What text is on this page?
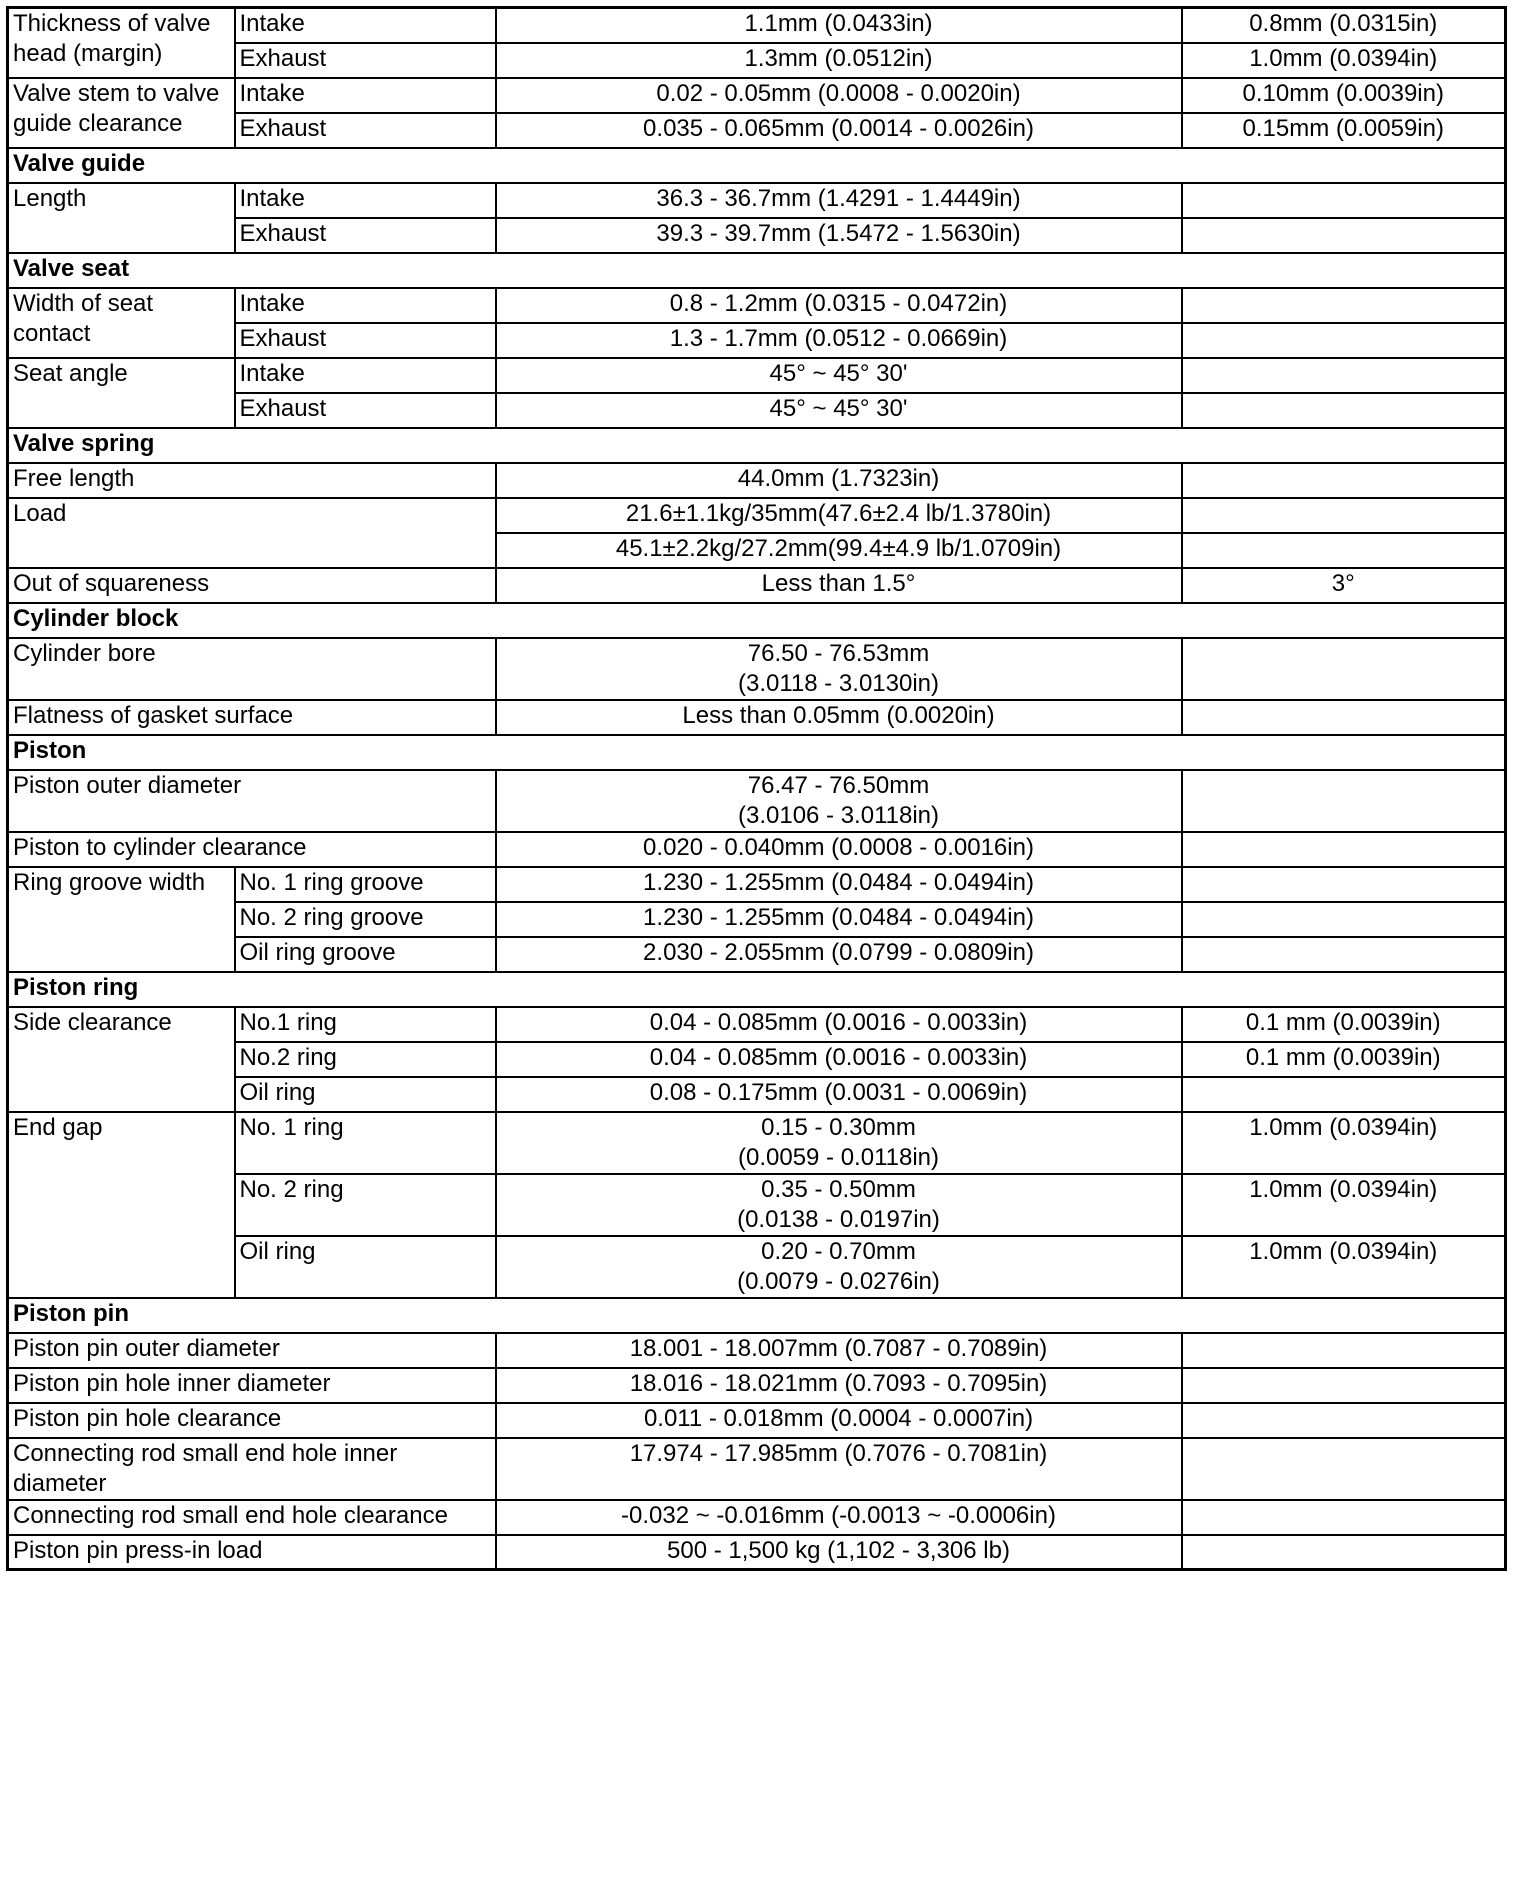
Thickness of valve head (margin)	Intake	1.1mm (0.0433in)	0.8mm (0.0315in)

	Exhaust	1.3mm (0.0512in)	1.0mm (0.0394in)

Valve stem to valve guide clearance	Intake	0.02 - 0.05mm (0.0008 - 0.0020in)	0.10mm (0.0039in)

	Exhaust	0.035 - 0.065mm (0.0014 - 0.0026in)	0.15mm (0.0059in)

Valve guide			

Length	Intake	36.3 - 36.7mm (1.4291 - 1.4449in)	

	Exhaust	39.3 - 39.7mm (1.5472 - 1.5630in)	

Valve seat			

Width of seat contact	Intake	0.8 - 1.2mm (0.0315 - 0.0472in)	

	Exhaust	1.3 - 1.7mm (0.0512 - 0.0669in)	

Seat angle	Intake	45° ~ 45° 30'	

	Exhaust	45° ~ 45° 30'	

Valve spring			

Free length		44.0mm (1.7323in)	

Load		21.6±1.1kg/35mm(47.6±2.4 lb/1.3780in)	

		45.1±2.2kg/27.2mm(99.4±4.9 lb/1.0709in)	

Out of squareness		Less than 1.5°	3°

Cylinder block			

Cylinder bore		76.50 - 76.53mm
(3.0118 - 3.0130in)	

Flatness of gasket surface		Less than 0.05mm (0.0020in)	

Piston			

Piston outer diameter		76.47 - 76.50mm
(3.0106 - 3.0118in)	

Piston to cylinder clearance		0.020 - 0.040mm (0.0008 - 0.0016in)	

Ring groove width	No. 1 ring groove	1.230 - 1.255mm (0.0484 - 0.0494in)	

	No. 2 ring groove	1.230 - 1.255mm (0.0484 - 0.0494in)	

	Oil ring groove	2.030 - 2.055mm (0.0799 - 0.0809in)	

Piston ring			

Side clearance	No.1 ring	0.04 - 0.085mm (0.0016 - 0.0033in)	0.1 mm (0.0039in)

	No.2 ring	0.04 - 0.085mm (0.0016 - 0.0033in)	0.1 mm (0.0039in)

	Oil ring	0.08 - 0.175mm (0.0031 - 0.0069in)	

End gap	No. 1 ring	0.15 - 0.30mm
(0.0059 - 0.0118in)	1.0mm (0.0394in)

	No. 2 ring	0.35 - 0.50mm
(0.0138 - 0.0197in)	1.0mm (0.0394in)

	Oil ring	0.20 - 0.70mm
(0.0079 - 0.0276in)	1.0mm (0.0394in)

Piston pin			

Piston pin outer diameter		18.001 - 18.007mm (0.7087 - 0.7089in)	

Piston pin hole inner diameter		18.016 - 18.021mm (0.7093 - 0.7095in)	

Piston pin hole clearance		0.011 - 0.018mm (0.0004 - 0.0007in)	

Connecting rod small end hole inner diameter		17.974 - 17.985mm (0.7076 - 0.7081in)	

Connecting rod small end hole clearance		-0.032 ~ -0.016mm (-0.0013 ~ -0.0006in)	

Piston pin press-in load		500 - 1,500 kg (1,102 - 3,306 lb)	
